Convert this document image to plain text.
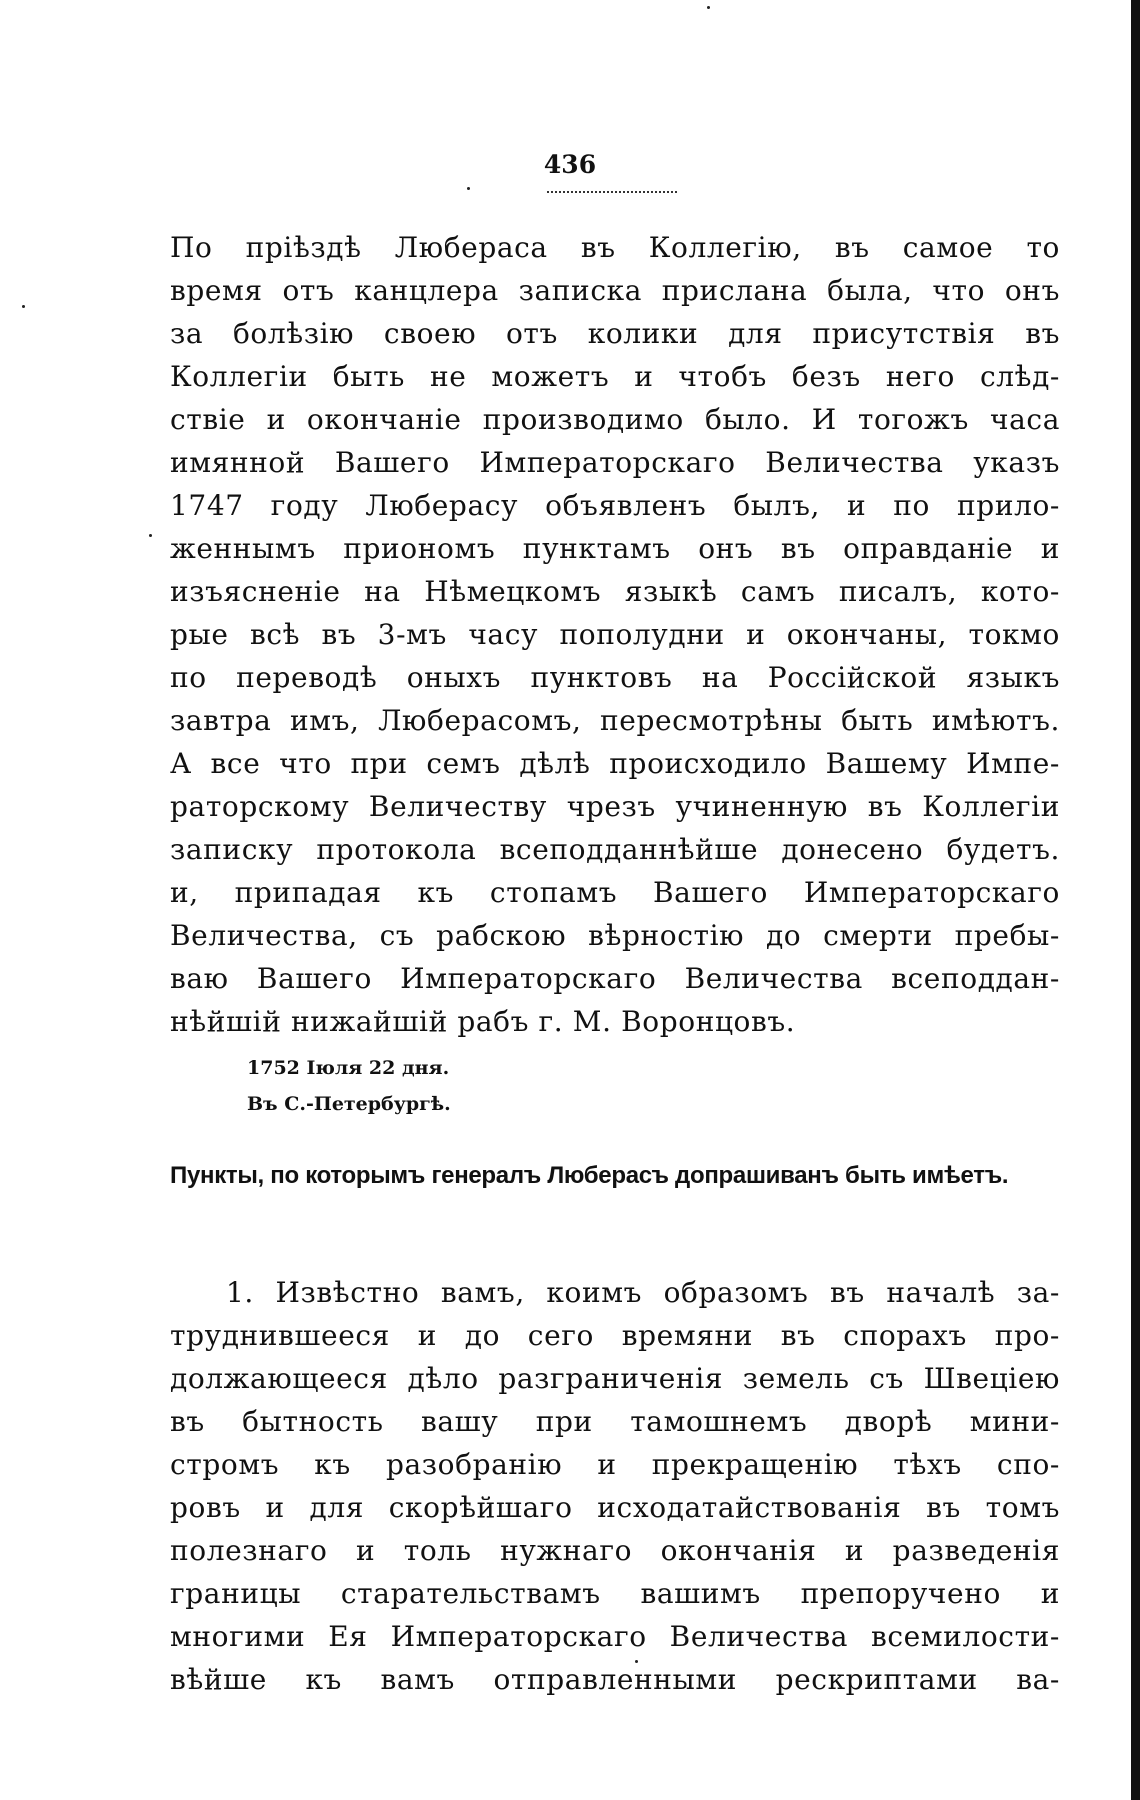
436
По прiѣздѣ Люберaсa въ Коллегiю, въ самое то
время отъ канцлера записка прислана была, что онъ
за болѣзiю своею отъ колики для присутствiя въ
Коллегiи быть не можетъ и чтобъ безъ него слѣд-
ствiе и окончанiе производимо было. И тогожъ часа
имянной Вашего Императорскаго Величества указъ
1747 году Люберасу объявленъ былъ, и по прило-
женнымъ приономъ пунктамъ онъ въ оправданiе и
изъясненiе на Нѣмецкомъ языкѣ самъ писалъ, кото-
рые всѣ въ 3-мъ часу пополудни и окончаны, токмо
по переводѣ оныхъ пунктовъ на Россiйской языкъ
завтра имъ, Люберасомъ, пересмотрѣны быть имѣютъ.
А все что при семъ дѣлѣ происходило Вашему Импе-
раторскому Величеству чрезъ учиненную въ Коллегiи
записку протокола всеподданнѣйше донесено будетъ.
и, припадая къ стопамъ Вашего Императорскаго
Величества, съ рабскою вѣрностiю до смерти пребы-
ваю Вашего Императорскаго Величества всеподдан-
нѣйшiй нижайшiй рабъ г. М. Воронцовъ.
1752 Iюля 22 дня.
Въ С.-Петербургѣ.
Пункты, по которымъ генералъ Люберасъ допрашиванъ быть имѣетъ.
1. Извѣстно вамъ, коимъ образомъ въ началѣ за-
труднившееся и до сего времяни въ спорахъ про-
должающееся дѣло разграниченiя земель съ Швецiею
въ бытность вашу при тамошнемъ дворѣ мини-
стромъ къ разобранiю и прекращенiю тѣхъ спо-
ровъ и для скорѣйшаго исходатайствованiя въ томъ
полезнаго и толь нужнаго окончанiя и разведенiя
границы старательствамъ вашимъ препоручено и
многими Ея Императорскаго Величества всемилости-
вѣйше къ вамъ отправленными рескриптами ва-
